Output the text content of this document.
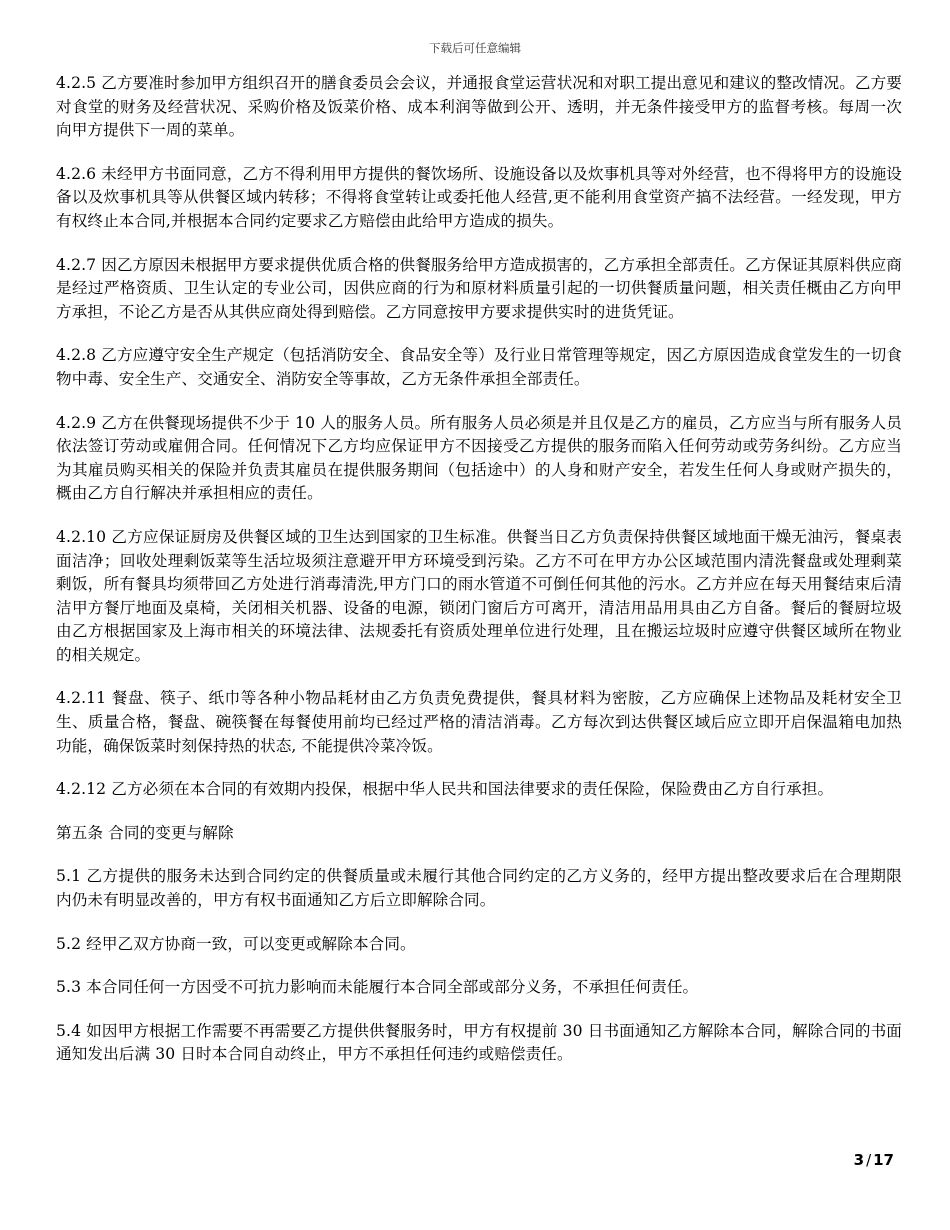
下载后可任意编辑

4.2.5 乙方要准时参加甲方组织召开的膳食委员会会议，并通报食堂运营状况和对职工提出意见和建议的整改情况。乙方要对食堂的财务及经营状况、采购价格及饭菜价格、成本利润等做到公开、透明，并无条件接受甲方的监督考核。每周一次向甲方提供下一周的菜单。

4.2.6 未经甲方书面同意，乙方不得利用甲方提供的餐饮场所、设施设备以及炊事机具等对外经营，也不得将甲方的设施设备以及炊事机具等从供餐区域内转移；不得将食堂转让或委托他人经营,更不能利用食堂资产搞不法经营。一经发现，甲方有权终止本合同,并根据本合同约定要求乙方赔偿由此给甲方造成的损失。

4.2.7 因乙方原因未根据甲方要求提供优质合格的供餐服务给甲方造成损害的，乙方承担全部责任。乙方保证其原料供应商是经过严格资质、卫生认定的专业公司，因供应商的行为和原材料质量引起的一切供餐质量问题，相关责任概由乙方向甲方承担，不论乙方是否从其供应商处得到赔偿。乙方同意按甲方要求提供实时的进货凭证。

4.2.8 乙方应遵守安全生产规定（包括消防安全、食品安全等）及行业日常管理等规定，因乙方原因造成食堂发生的一切食物中毒、安全生产、交通安全、消防安全等事故，乙方无条件承担全部责任。

4.2.9 乙方在供餐现场提供不少于 10 人的服务人员。所有服务人员必须是并且仅是乙方的雇员，乙方应当与所有服务人员依法签订劳动或雇佣合同。任何情况下乙方均应保证甲方不因接受乙方提供的服务而陷入任何劳动或劳务纠纷。乙方应当为其雇员购买相关的保险并负责其雇员在提供服务期间（包括途中）的人身和财产安全，若发生任何人身或财产损失的，概由乙方自行解决并承担相应的责任。

4.2.10 乙方应保证厨房及供餐区域的卫生达到国家的卫生标准。供餐当日乙方负责保持供餐区域地面干燥无油污，餐桌表面洁净；回收处理剩饭菜等生活垃圾须注意避开甲方环境受到污染。乙方不可在甲方办公区域范围内清洗餐盘或处理剩菜剩饭，所有餐具均须带回乙方处进行消毒清洗,甲方门口的雨水管道不可倒任何其他的污水。乙方并应在每天用餐结束后清洁甲方餐厅地面及桌椅，关闭相关机器、设备的电源，锁闭门窗后方可离开，清洁用品用具由乙方自备。餐后的餐厨垃圾由乙方根据国家及上海市相关的环境法律、法规委托有资质处理单位进行处理，且在搬运垃圾时应遵守供餐区域所在物业的相关规定。

4.2.11 餐盘、筷子、纸巾等各种小物品耗材由乙方负责免费提供，餐具材料为密胺，乙方应确保上述物品及耗材安全卫生、质量合格，餐盘、碗筷餐在每餐使用前均已经过严格的清洁消毒。乙方每次到达供餐区域后应立即开启保温箱电加热功能，确保饭菜时刻保持热的状态, 不能提供冷菜冷饭。

4.2.12 乙方必须在本合同的有效期内投保，根据中华人民共和国法律要求的责任保险，保险费由乙方自行承担。

第五条 合同的变更与解除

5.1 乙方提供的服务未达到合同约定的供餐质量或未履行其他合同约定的乙方义务的，经甲方提出整改要求后在合理期限内仍未有明显改善的，甲方有权书面通知乙方后立即解除合同。

5.2 经甲乙双方协商一致，可以变更或解除本合同。

5.3 本合同任何一方因受不可抗力影响而未能履行本合同全部或部分义务，不承担任何责任。

5.4 如因甲方根据工作需要不再需要乙方提供供餐服务时，甲方有权提前 30 日书面通知乙方解除本合同，解除合同的书面通知发出后满 30 日时本合同自动终止，甲方不承担任何违约或赔偿责任。

3 / 17
